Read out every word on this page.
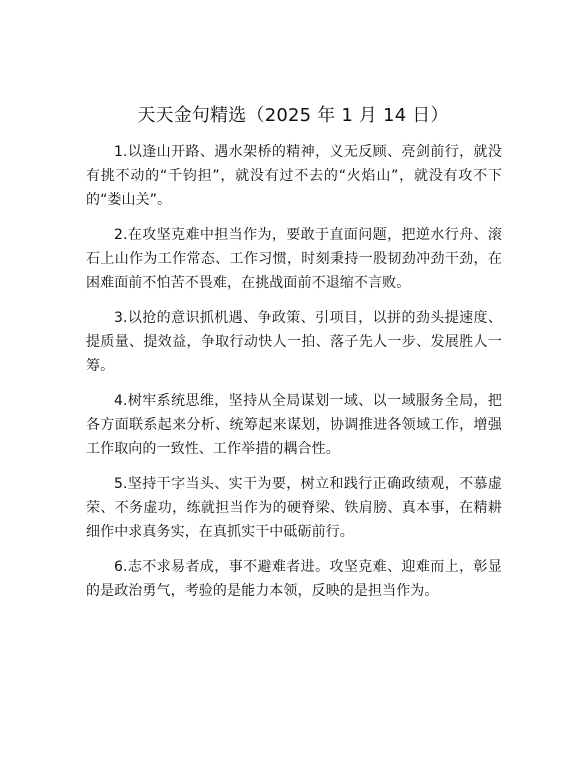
天天金句精选（2025 年 1 月 14 日）

1.以逢山开路、遇水架桥的精神，义无反顾、亮剑前行，就没有挑不动的“千钧担”，就没有过不去的“火焰山”，就没有攻不下的“娄山关”。

2.在攻坚克难中担当作为，要敢于直面问题，把逆水行舟、滚石上山作为工作常态、工作习惯，时刻秉持一股韧劲冲劲干劲，在困难面前不怕苦不畏难，在挑战面前不退缩不言败。

3.以抢的意识抓机遇、争政策、引项目，以拼的劲头提速度、提质量、提效益，争取行动快人一拍、落子先人一步、发展胜人一筹。

4.树牢系统思维，坚持从全局谋划一域、以一域服务全局，把各方面联系起来分析、统筹起来谋划，协调推进各领域工作，增强工作取向的一致性、工作举措的耦合性。

5.坚持干字当头、实干为要，树立和践行正确政绩观，不慕虚荣、不务虚功，练就担当作为的硬脊梁、铁肩膀、真本事，在精耕细作中求真务实，在真抓实干中砥砺前行。

6.志不求易者成，事不避难者进。攻坚克难、迎难而上，彰显的是政治勇气，考验的是能力本领，反映的是担当作为。
